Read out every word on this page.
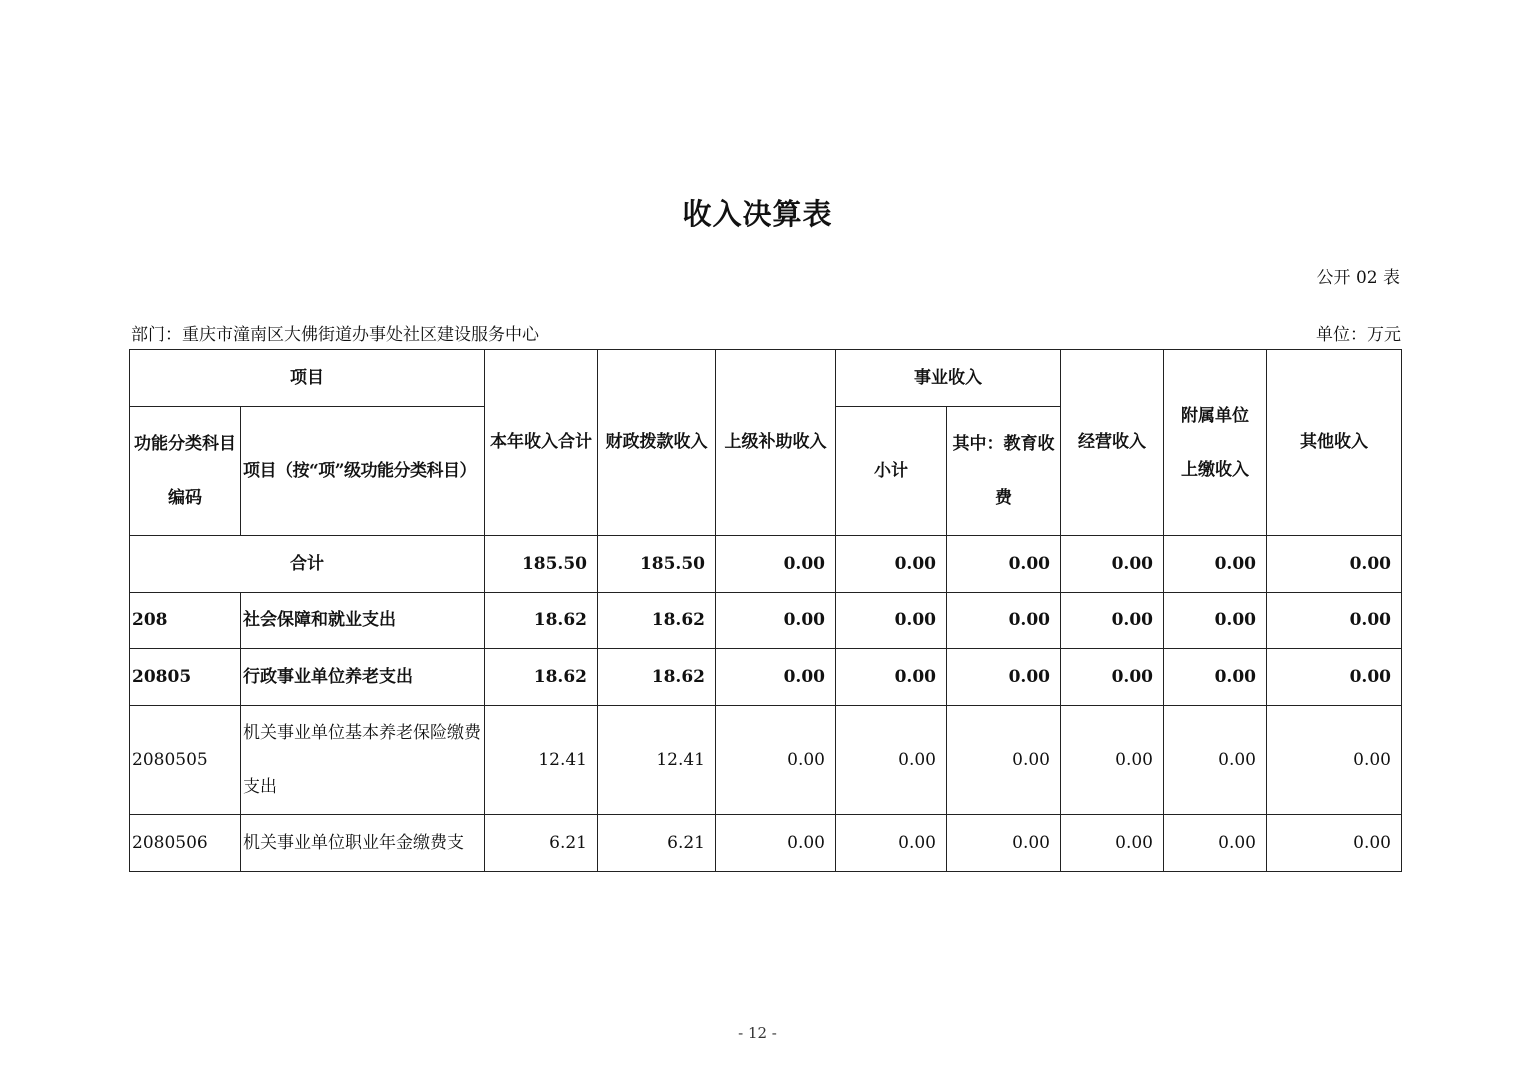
收入决算表
公开 02 表
部门：重庆市潼南区大佛街道办事处社区建设服务中心	单位：万元
项目		本年收入合计	财政拨款收入	上级补助收入	事业收入		经营收入	附属单位上缴收入	其他收入
功能分类科目编码	项目（按“项”级功能分类科目）				小计	其中：教育收费			
合计		185.50	185.50	0.00	0.00	0.00	0.00	0.00	0.00
208	社会保障和就业支出	18.62	18.62	0.00	0.00	0.00	0.00	0.00	0.00
20805	行政事业单位养老支出	18.62	18.62	0.00	0.00	0.00	0.00	0.00	0.00
2080505	机关事业单位基本养老保险缴费支出	12.41	12.41	0.00	0.00	0.00	0.00	0.00	0.00
2080506	机关事业单位职业年金缴费支	6.21	6.21	0.00	0.00	0.00	0.00	0.00	0.00
- 12 -
